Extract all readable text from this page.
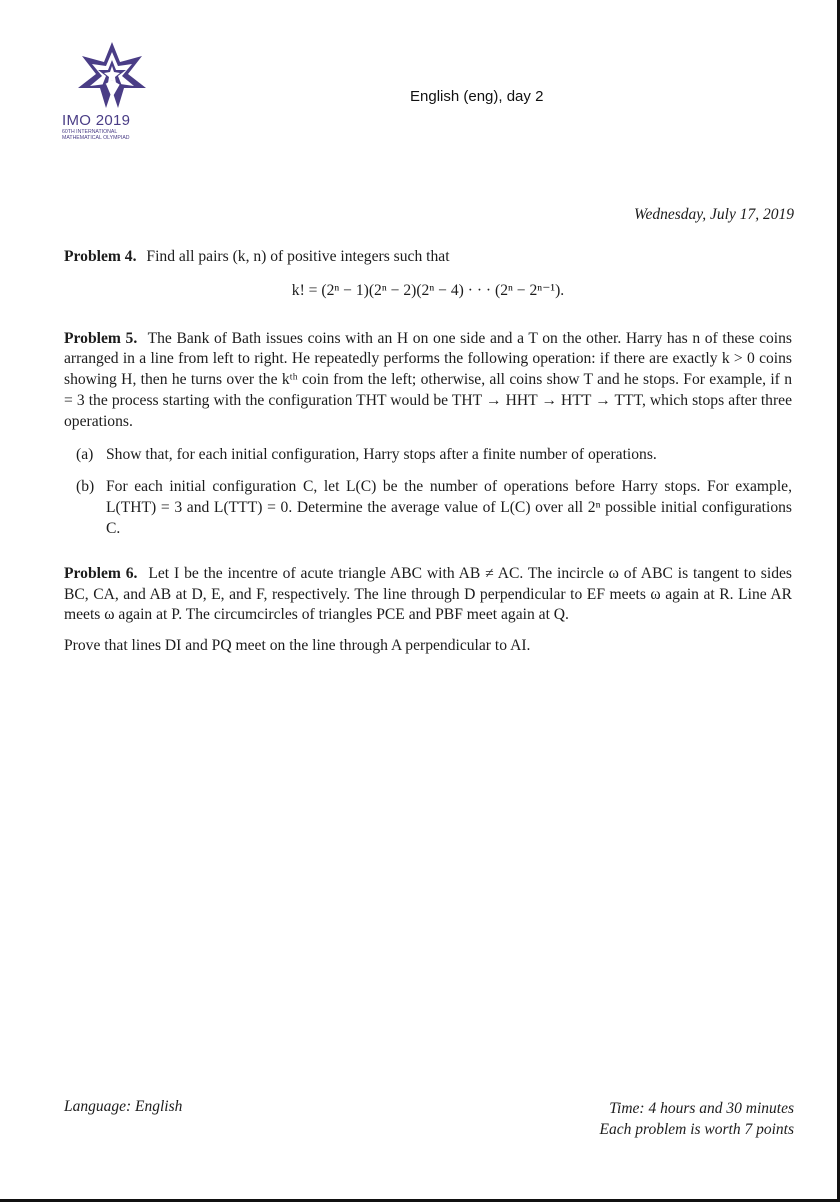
IMO 2019
60TH INTERNATIONAL
MATHEMATICAL OLYMPIAD
English (eng), day 2
Wednesday, July 17, 2019
Problem 4. Find all pairs (k, n) of positive integers such that
k! = (2ⁿ − 1)(2ⁿ − 2)(2ⁿ − 4) · · · (2ⁿ − 2ⁿ⁻¹).
Problem 5. The Bank of Bath issues coins with an H on one side and a T on the other. Harry has n of these coins arranged in a line from left to right. He repeatedly performs the following operation: if there are exactly k > 0 coins showing H, then he turns over the kᵗʰ coin from the left; otherwise, all coins show T and he stops. For example, if n = 3 the process starting with the configuration THT would be THT → HHT → HTT → TTT, which stops after three operations.
(a) Show that, for each initial configuration, Harry stops after a finite number of operations.
(b) For each initial configuration C, let L(C) be the number of operations before Harry stops. For example, L(THT) = 3 and L(TTT) = 0. Determine the average value of L(C) over all 2ⁿ possible initial configurations C.
Problem 6. Let I be the incentre of acute triangle ABC with AB ≠ AC. The incircle ω of ABC is tangent to sides BC, CA, and AB at D, E, and F, respectively. The line through D perpendicular to EF meets ω again at R. Line AR meets ω again at P. The circumcircles of triangles PCE and PBF meet again at Q.
Prove that lines DI and PQ meet on the line through A perpendicular to AI.
Language: English	Time: 4 hours and 30 minutes
Each problem is worth 7 points
